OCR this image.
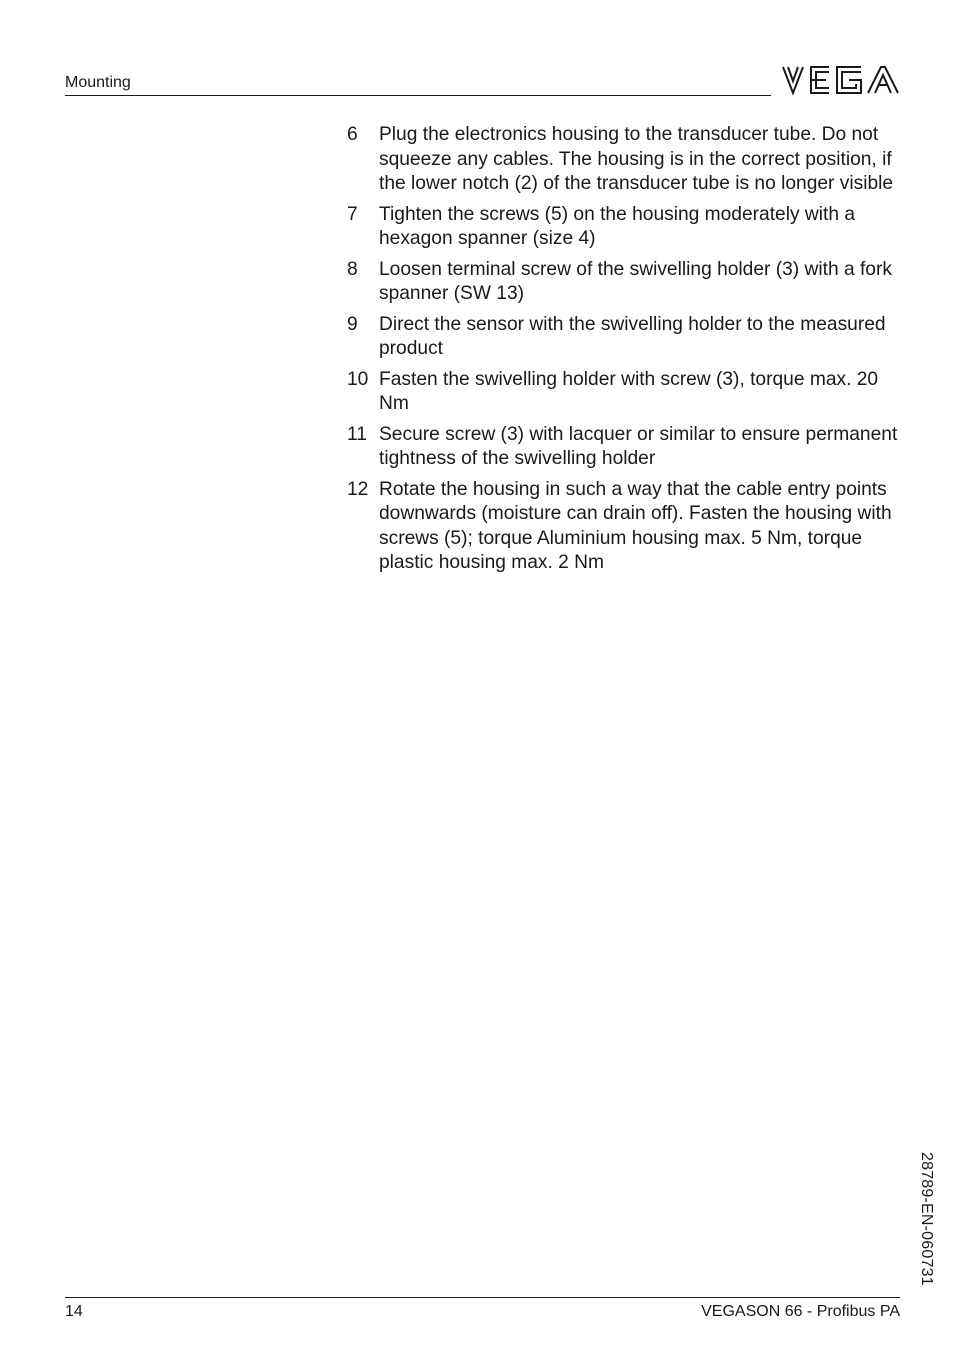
Mounting
6	Plug the electronics housing to the transducer tube. Do not squeeze any cables. The housing is in the correct position, if the lower notch (2) of the transducer tube is no longer visible
7	Tighten the screws (5) on the housing moderately with a hexagon spanner (size 4)
8	Loosen terminal screw of the swivelling holder (3) with a fork spanner (SW 13)
9	Direct the sensor with the swivelling holder to the measured product
10 Fasten the swivelling holder with screw (3), torque max. 20 Nm
11 Secure screw (3) with lacquer or similar to ensure permanent tightness of the swivelling holder
12 Rotate the housing in such a way that the cable entry points downwards (moisture can drain off). Fasten the housing with screws (5); torque Aluminium housing max. 5 Nm, torque plastic housing max. 2 Nm
28789-EN-060731
14	VEGASON 66 - Profibus PA
